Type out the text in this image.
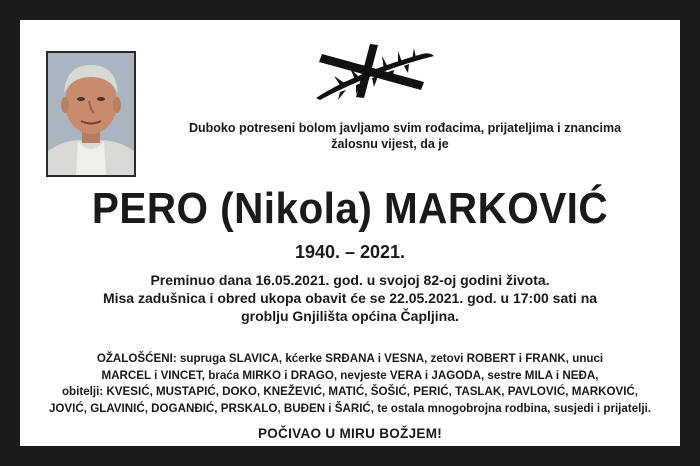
Duboko potreseni bolom javljamo svim rođacima, prijateljima i znancima
žalosnu vijest, da je
PERO (Nikola) MARKOVIĆ
1940. – 2021.
Preminuo dana 16.05.2021. god. u svojoj 82-oj godini života.
Misa zadušnica i obred ukopa obavit će se 22.05.2021. god. u 17:00 sati na
groblju Gnjilišta općina Čapljina.
OŽALOŠĆENI: supruga SLAVICA, kćerke SRĐANA i VESNA, zetovi ROBERT i FRANK, unuci
MARCEL i VINCET, braća MIRKO i DRAGO, nevjeste VERA i JAGODA, sestre MILA i NEĐA,
obitelji: KVESIĆ, MUSTAPIĆ, DOKO, KNEŽEVIĆ, MATIĆ, ŠOŠIĆ, PERIĆ, TASLAK, PAVLOVIĆ, MARKOVIĆ,
JOVIĆ, GLAVINIĆ, DOGANĐIĆ, PRSKALO, BUĐEN i ŠARIĆ, te ostala mnogobrojna rodbina, susjedi i prijatelji.
POČIVAO U MIRU BOŽJEM!
